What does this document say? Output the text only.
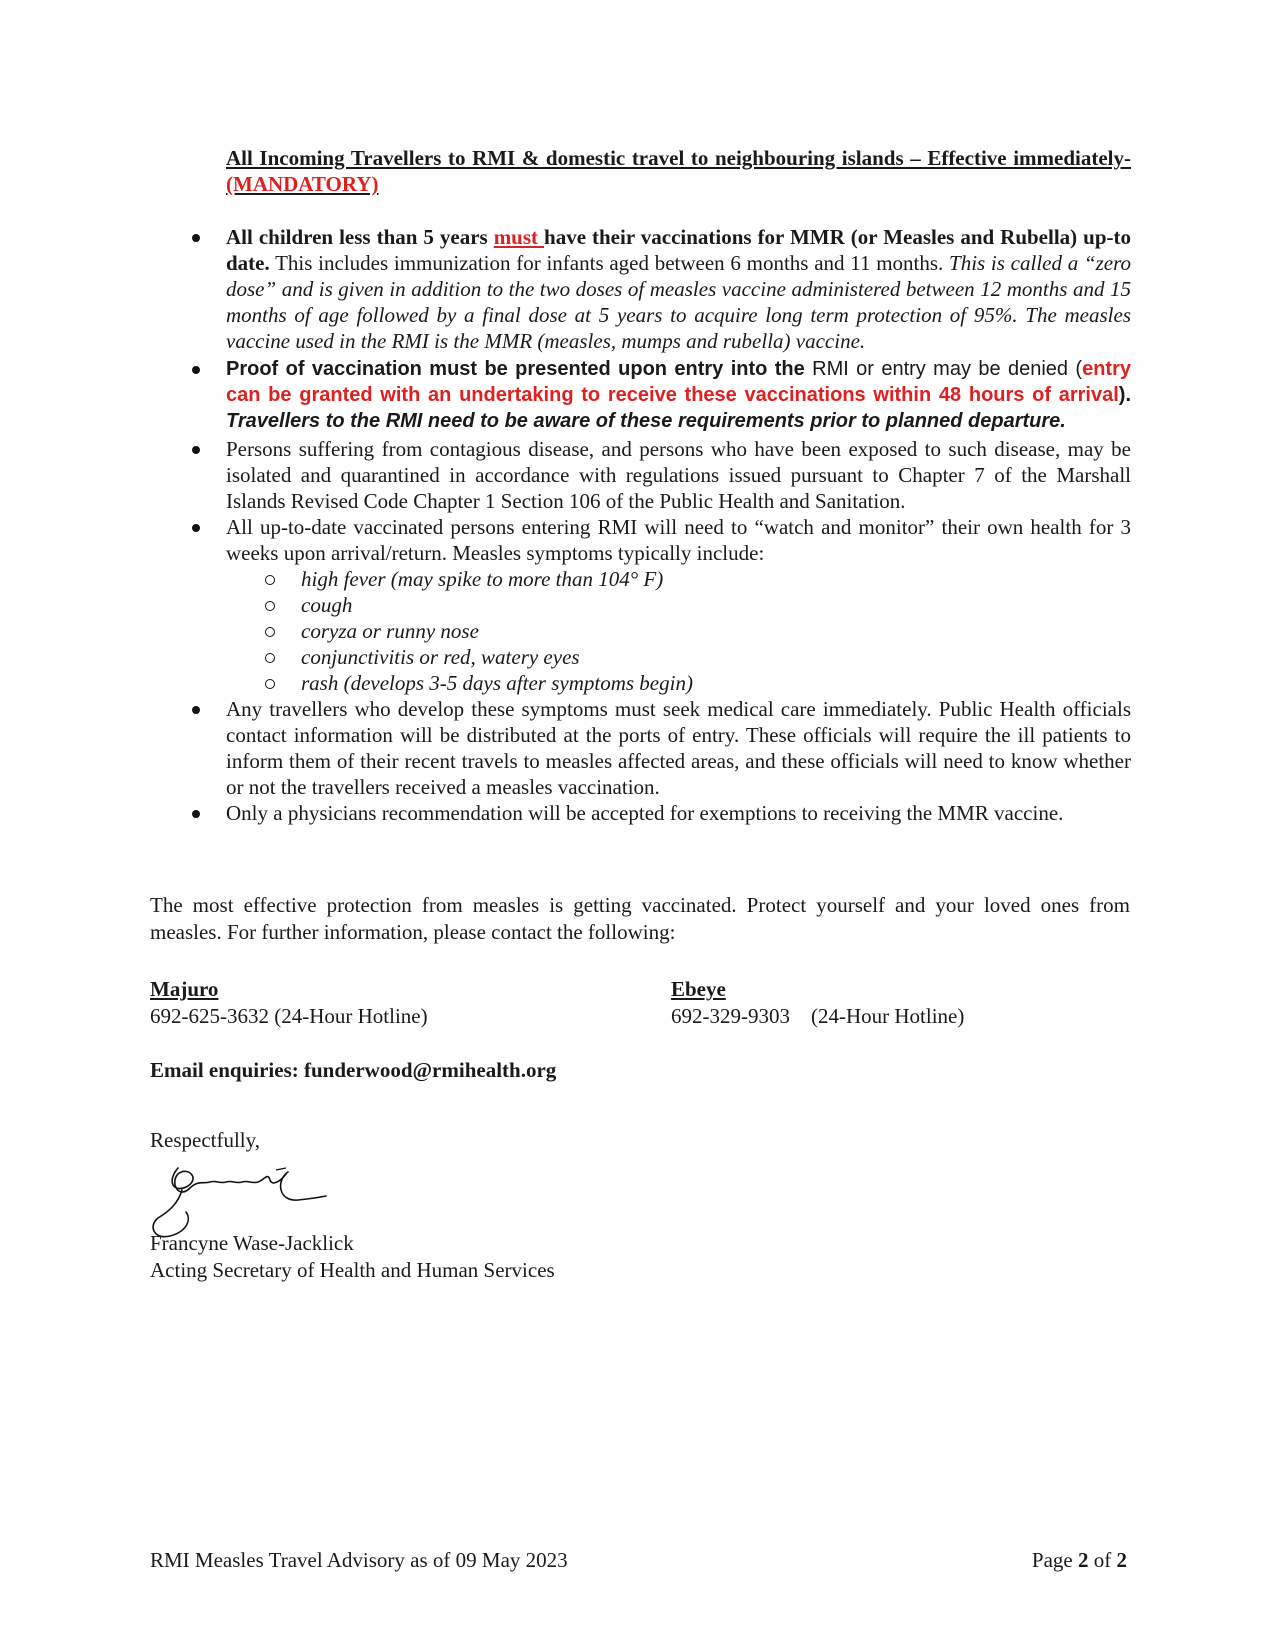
All Incoming Travellers to RMI & domestic travel to neighbouring islands – Effective immediately- (MANDATORY)
All children less than 5 years must have their vaccinations for MMR (or Measles and Rubella) up-to date. This includes immunization for infants aged between 6 months and 11 months. This is called a “zero dose” and is given in addition to the two doses of measles vaccine administered between 12 months and 15 months of age followed by a final dose at 5 years to acquire long term protection of 95%. The measles vaccine used in the RMI is the MMR (measles, mumps and rubella) vaccine.
Proof of vaccination must be presented upon entry into the RMI or entry may be denied (entry can be granted with an undertaking to receive these vaccinations within 48 hours of arrival). Travellers to the RMI need to be aware of these requirements prior to planned departure.
Persons suffering from contagious disease, and persons who have been exposed to such disease, may be isolated and quarantined in accordance with regulations issued pursuant to Chapter 7 of the Marshall Islands Revised Code Chapter 1 Section 106 of the Public Health and Sanitation.
All up-to-date vaccinated persons entering RMI will need to “watch and monitor” their own health for 3 weeks upon arrival/return. Measles symptoms typically include:
high fever (may spike to more than 104° F)
cough
coryza or runny nose
conjunctivitis or red, watery eyes
rash (develops 3-5 days after symptoms begin)
Any travellers who develop these symptoms must seek medical care immediately. Public Health officials contact information will be distributed at the ports of entry. These officials will require the ill patients to inform them of their recent travels to measles affected areas, and these officials will need to know whether or not the travellers received a measles vaccination.
Only a physicians recommendation will be accepted for exemptions to receiving the MMR vaccine.

The most effective protection from measles is getting vaccinated. Protect yourself and your loved ones from measles. For further information, please contact the following:

Majuro
692-625-3632 (24-Hour Hotline)
Ebeye
692-329-9303    (24-Hour Hotline)
Email enquiries: funderwood@rmihealth.org
Respectfully,
Francyne Wase-Jacklick
Acting Secretary of Health and Human Services
RMI Measles Travel Advisory as of 09 May 2023	Page 2 of 2
